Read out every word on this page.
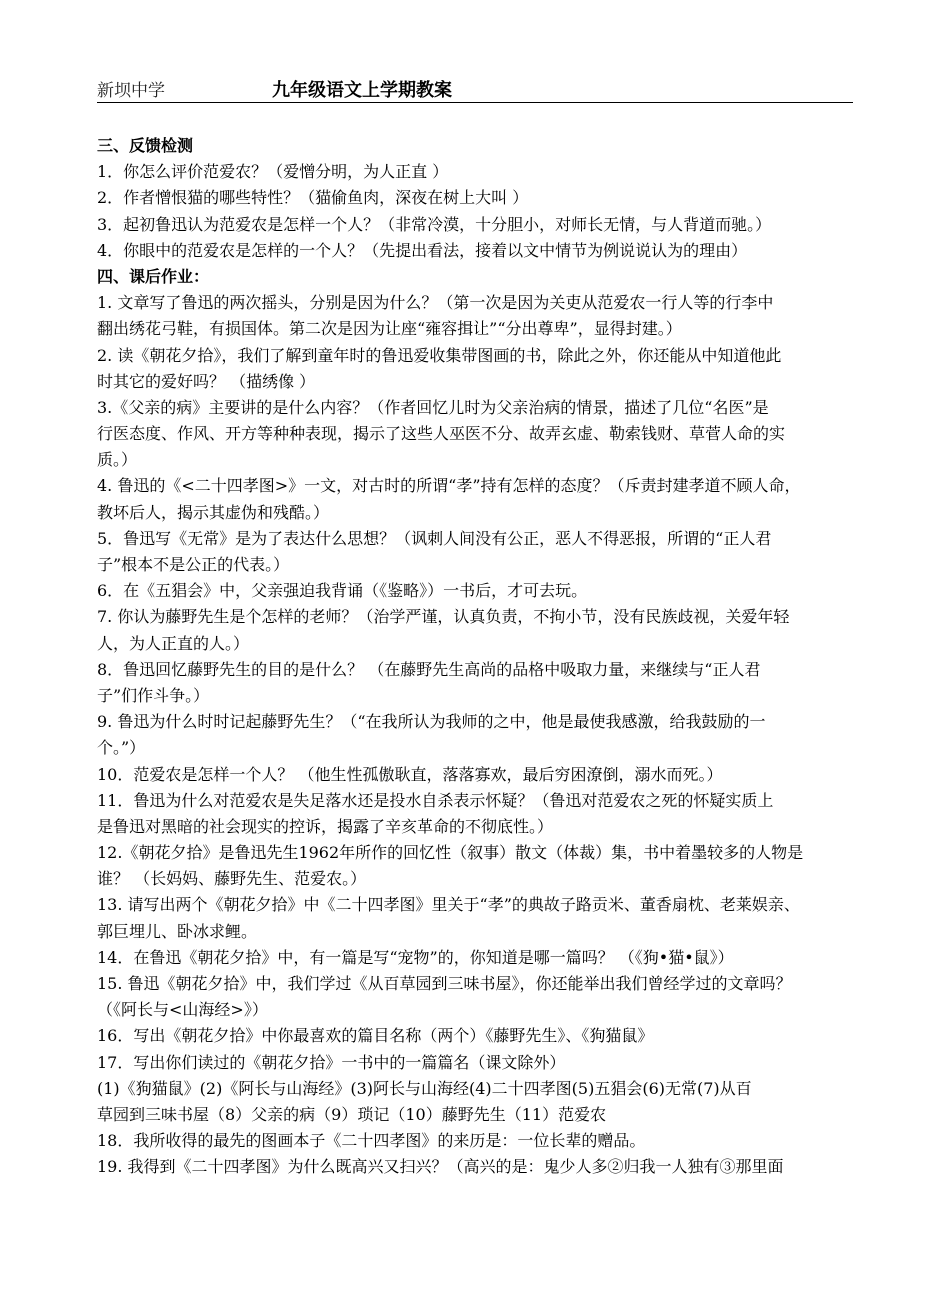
新坝中学	九年级语文上学期教案
三、反馈检测
1．你怎么评价范爱农？（爱憎分明，为人正直 ）
2．作者憎恨猫的哪些特性？（猫偷鱼肉，深夜在树上大叫 ）
3．起初鲁迅认为范爱农是怎样一个人？（非常冷漠，十分胆小，对师长无情，与人背道而驰。）
4．你眼中的范爱农是怎样的一个人？（先提出看法，接着以文中情节为例说说认为的理由）
四、课后作业：
1. 文章写了鲁迅的两次摇头，分别是因为什么？（第一次是因为关吏从范爱农一行人等的行李中
翻出绣花弓鞋，有损国体。第二次是因为让座“雍容揖让”“分出尊卑”，显得封建。）
2. 读《朝花夕拾》，我们了解到童年时的鲁迅爱收集带图画的书，除此之外，你还能从中知道他此
时其它的爱好吗？ （描绣像 ）
3.《父亲的病》主要讲的是什么内容？（作者回忆儿时为父亲治病的情景，描述了几位“名医”是
行医态度、作风、开方等种种表现，揭示了这些人巫医不分、故弄玄虚、勒索钱财、草菅人命的实
质。）
4. 鲁迅的《<二十四孝图>》一文，对古时的所谓“孝”持有怎样的态度？（斥责封建孝道不顾人命，
教坏后人，揭示其虚伪和残酷。）
5．鲁迅写《无常》是为了表达什么思想？（讽刺人间没有公正，恶人不得恶报，所谓的“正人君
子”根本不是公正的代表。）
6．在《五猖会》中，父亲强迫我背诵（《鉴略》）一书后，才可去玩。
7. 你认为藤野先生是个怎样的老师？（治学严谨，认真负责，不拘小节，没有民族歧视，关爱年轻
人，为人正直的人。）
8．鲁迅回忆藤野先生的目的是什么？ （在藤野先生高尚的品格中吸取力量，来继续与“正人君
子”们作斗争。）
9. 鲁迅为什么时时记起藤野先生？（“在我所认为我师的之中，他是最使我感激，给我鼓励的一
个。”）
10．范爱农是怎样一个人？ （他生性孤傲耿直，落落寡欢，最后穷困潦倒，溺水而死。）
11．鲁迅为什么对范爱农是失足落水还是投水自杀表示怀疑？（鲁迅对范爱农之死的怀疑实质上
是鲁迅对黑暗的社会现实的控诉，揭露了辛亥革命的不彻底性。）
12.《朝花夕拾》是鲁迅先生1962年所作的回忆性（叙事）散文（体裁）集，书中着墨较多的人物是
谁？ （长妈妈、藤野先生、范爱农。）
13. 请写出两个《朝花夕拾》中《二十四孝图》里关于“孝”的典故子路贡米、董香扇枕、老莱娱亲、
郭巨埋儿、卧冰求鲤。
14．在鲁迅《朝花夕拾》中，有一篇是写“宠物”的，你知道是哪一篇吗？ （《狗•猫•鼠》）
15. 鲁迅《朝花夕拾》中，我们学过《从百草园到三味书屋》，你还能举出我们曾经学过的文章吗？
（《阿长与<山海经>》）
16．写出《朝花夕拾》中你最喜欢的篇目名称（两个）《藤野先生》、《狗猫鼠》
17．写出你们读过的《朝花夕拾》一书中的一篇篇名（课文除外）
(1)《狗猫鼠》(2)《阿长与山海经》(3)阿长与山海经(4)二十四孝图(5)五猖会(6)无常(7)从百
草园到三味书屋（8）父亲的病（9）琐记（10）藤野先生（11）范爱农
18．我所收得的最先的图画本子《二十四孝图》的来历是：一位长辈的赠品。
19. 我得到《二十四孝图》为什么既高兴又扫兴？（高兴的是：鬼少人多②归我一人独有③那里面
